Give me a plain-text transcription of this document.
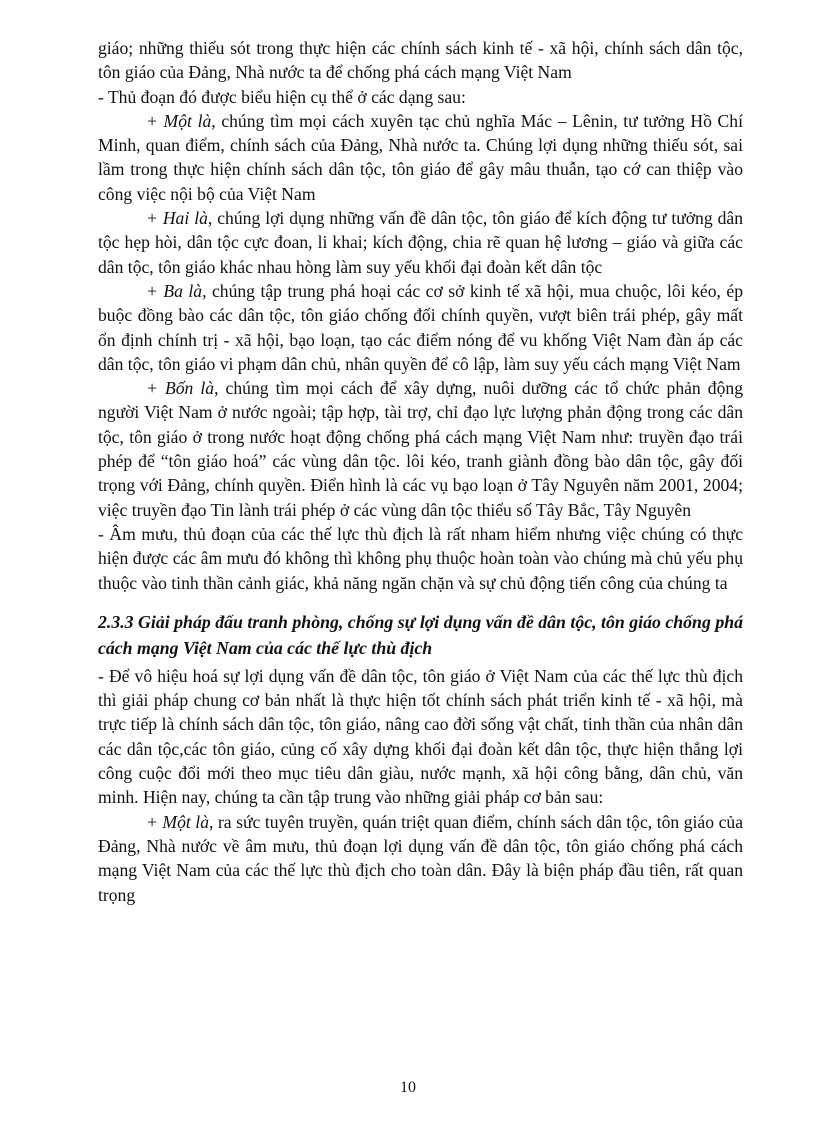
giáo; những thiếu sót trong thực hiện các chính sách kinh tế - xã hội, chính sách dân tộc, tôn giáo của Đảng, Nhà nước ta để chống phá cách mạng Việt Nam

- Thủ đoạn đó được biểu hiện cụ thể ở các dạng sau:

+ Một là, chúng tìm mọi cách xuyên tạc chủ nghĩa Mác – Lênin, tư tưởng Hồ Chí Minh, quan điểm, chính sách của Đảng, Nhà nước ta. Chúng lợi dụng những thiếu sót, sai lầm trong thực hiện chính sách dân tộc, tôn giáo để gây mâu thuẫn, tạo cớ can thiệp vào công việc nội bộ của Việt Nam

+ Hai là, chúng lợi dụng những vấn đề dân tộc, tôn giáo để kích động tư tưởng dân tộc hẹp hòi, dân tộc cực đoan, li khai; kích động, chia rẽ quan hệ lương – giáo và giữa các dân tộc, tôn giáo khác nhau hòng làm suy yếu khối đại đoàn kết dân tộc

+ Ba là, chúng tập trung phá hoại các cơ sở kinh tế xã hội, mua chuộc, lôi kéo, ép buộc đồng bào các dân tộc, tôn giáo chống đối chính quyền, vượt biên trái phép, gây mất ổn định chính trị - xã hội, bạo loạn, tạo các điểm nóng để vu khống Việt Nam đàn áp các dân tộc, tôn giáo vi phạm dân chủ, nhân quyền để cô lập, làm suy yếu cách mạng Việt Nam

+ Bốn là, chúng tìm mọi cách để xây dựng, nuôi dưỡng các tổ chức phản động người Việt Nam ở nước ngoài; tập hợp, tài trợ, chỉ đạo lực lượng phản động trong các dân tộc, tôn giáo ở trong nước hoạt động chống phá cách mạng Việt Nam như: truyền đạo trái phép để “tôn giáo hoá” các vùng dân tộc. lôi kéo, tranh giành đồng bào dân tộc, gây đối trọng với Đảng, chính quyền. Điển hình là các vụ bạo loạn ở Tây Nguyên năm 2001, 2004; việc truyền đạo Tin lành trái phép ở các vùng dân tộc thiểu số Tây Bắc, Tây Nguyên

- Âm mưu, thủ đoạn của các thế lực thù địch là rất nham hiểm nhưng việc chúng có thực hiện được các âm mưu đó không thì không phụ thuộc hoàn toàn vào chúng mà chủ yếu phụ thuộc vào tinh thần cảnh giác, khả năng ngăn chặn và sự chủ động tiến công của chúng ta

2.3.3 Giải pháp đấu tranh phòng, chống sự lợi dụng vấn đề dân tộc, tôn giáo chống phá cách mạng Việt Nam của các thế lực thù địch

- Để vô hiệu hoá sự lợi dụng vấn đề dân tộc, tôn giáo ở Việt Nam của các thế lực thù địch thì giải pháp chung cơ bản nhất là thực hiện tốt chính sách phát triển kinh tế - xã hội, mà trực tiếp là chính sách dân tộc, tôn giáo, nâng cao đời sống vật chất, tinh thần của nhân dân các dân tộc,các tôn giáo, củng cố xây dựng khối đại đoàn kết dân tộc, thực hiện thắng lợi công cuộc đổi mới theo mục tiêu dân giàu, nước mạnh, xã hội công bằng, dân chủ, văn minh. Hiện nay, chúng ta cần tập trung vào những giải pháp cơ bản sau:

+ Một là, ra sức tuyên truyền, quán triệt quan điểm, chính sách dân tộc, tôn giáo của Đảng, Nhà nước về âm mưu, thủ đoạn lợi dụng vấn đề dân tộc, tôn giáo chống phá cách mạng Việt Nam của các thế lực thù địch cho toàn dân. Đây là biện pháp đầu tiên, rất quan trọng

10
